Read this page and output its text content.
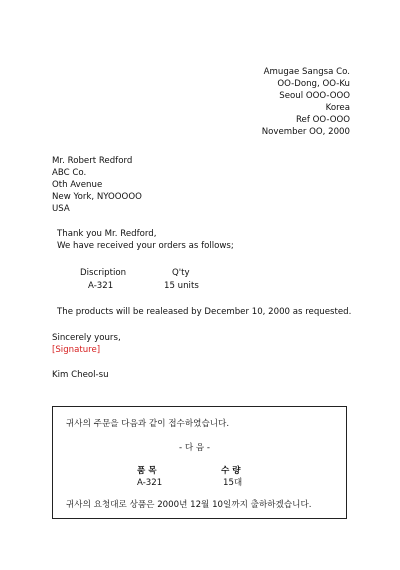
Amugae Sangsa Co.
OO-Dong, OO-Ku
Seoul OOO-OOO
Korea
Ref OO-OOO
November OO, 2000
Mr. Robert Redford
ABC Co.
Oth Avenue
New York, NYOOOOO
USA
Thank you Mr. Redford,
We have received your orders as follows;
Discription	Q'ty
A-321	15 units
The products will be realeased by December 10, 2000 as requested.
Sincerely yours,
[Signature]
Kim Cheol-su
귀사의 주문을 다음과 같이 접수하였습니다.
- 다 음 -
품 목	수 량
A-321	15대
귀사의 요청대로 상품은 2000년 12월 10일까지 출하하겠습니다.
